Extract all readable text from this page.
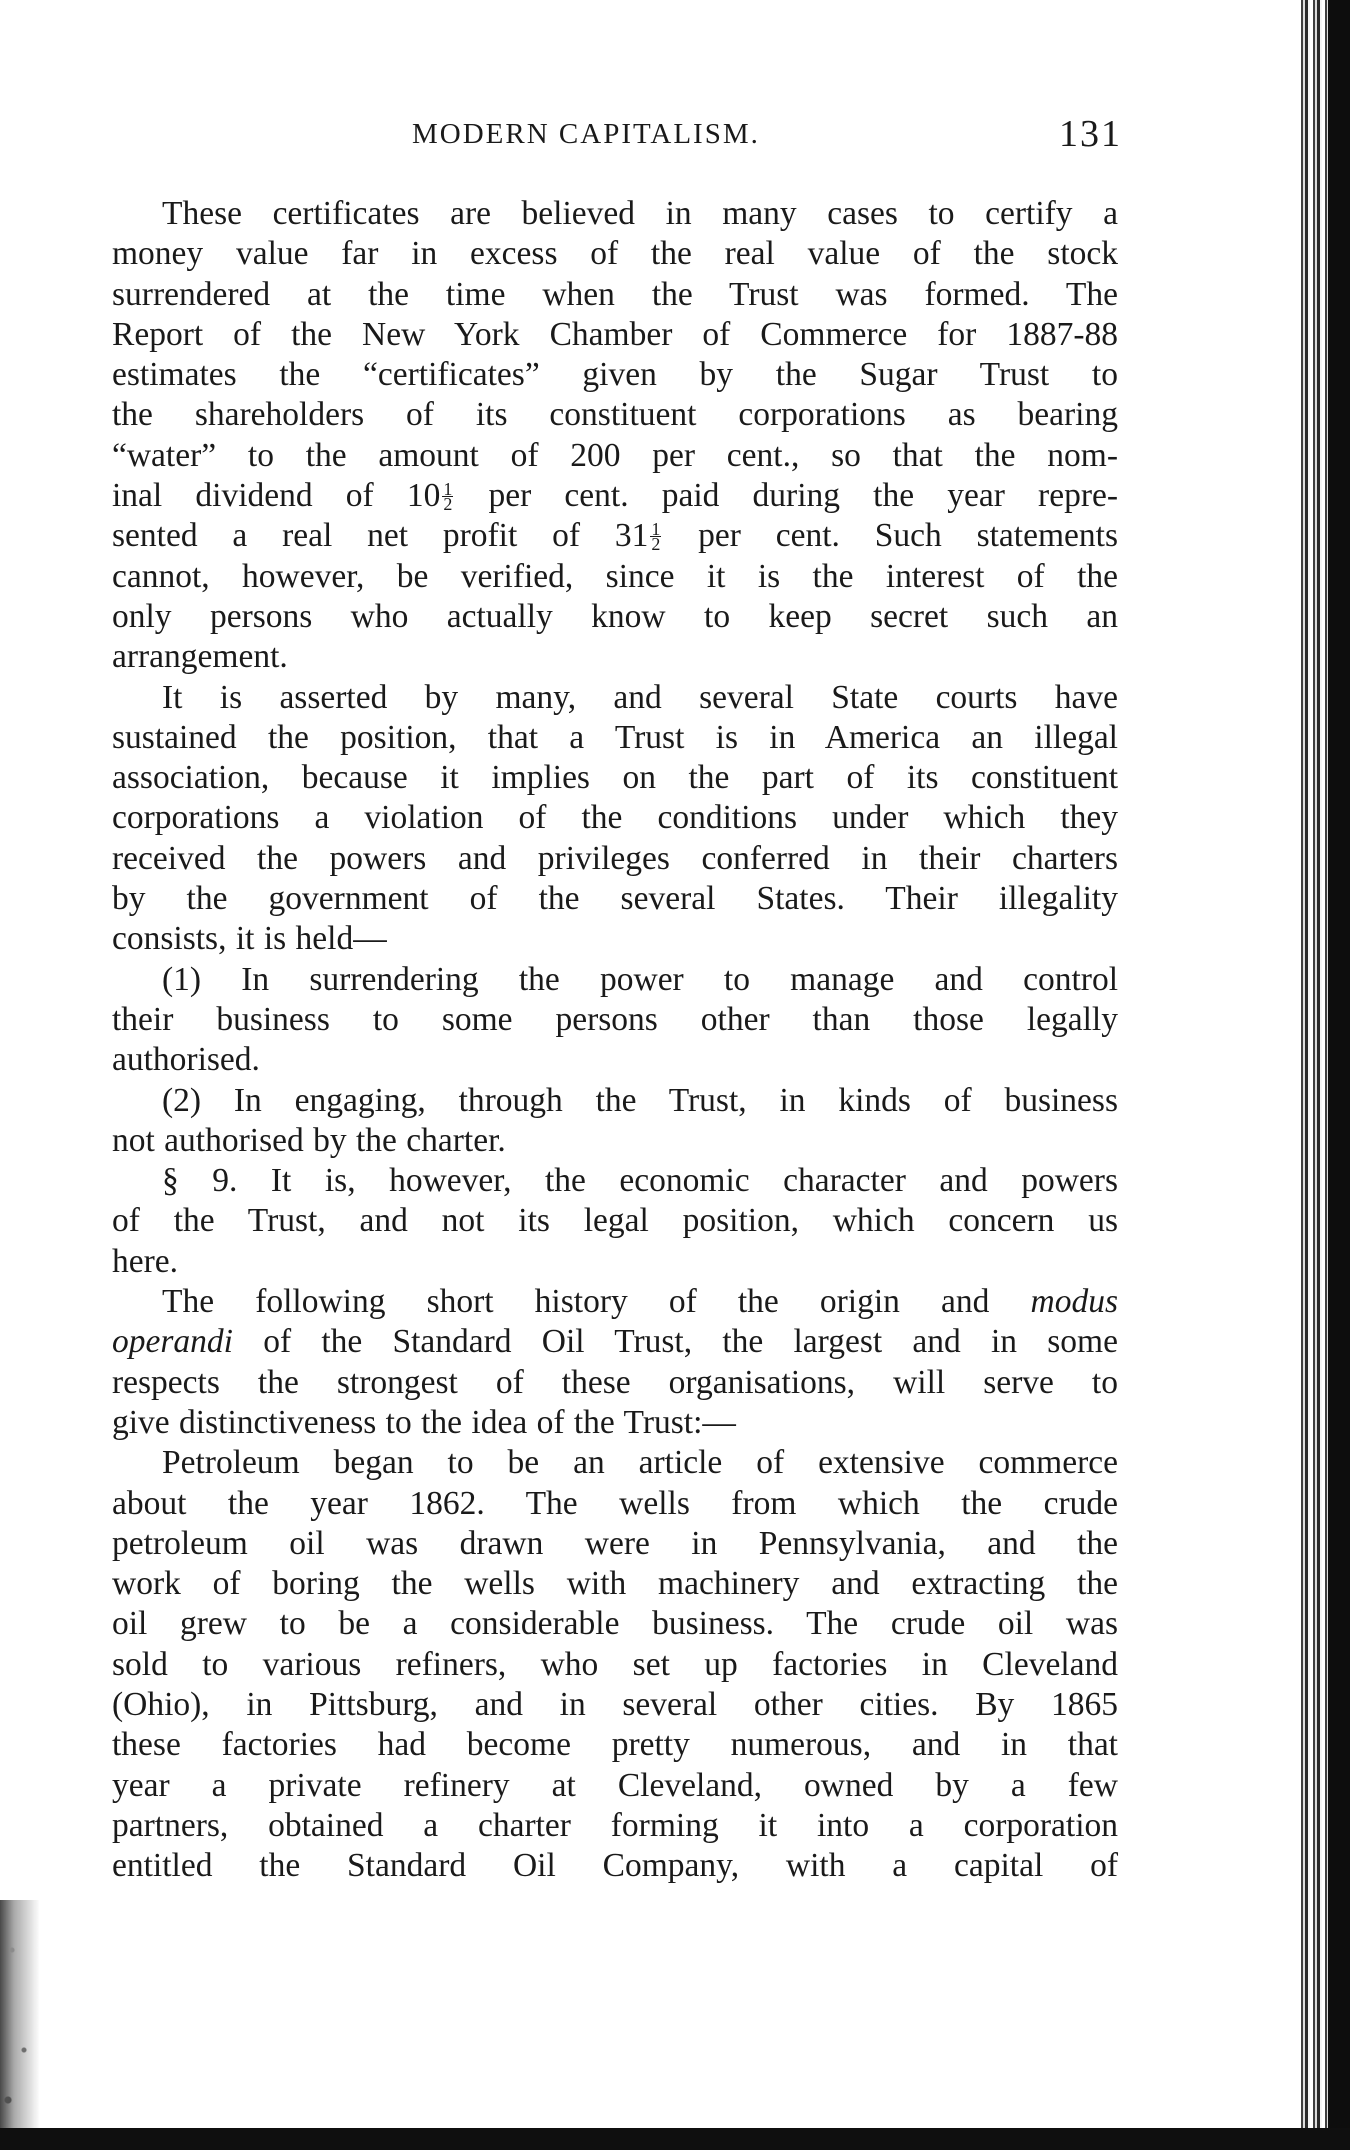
MODERN CAPITALISM.	131
These certificates are believed in many cases to certify a
money value far in excess of the real value of the stock
surrendered at the time when the Trust was formed. The
Report of the New York Chamber of Commerce for 1887-88
estimates the “certificates” given by the Sugar Trust to
the shareholders of its constituent corporations as bearing
“water” to the amount of 200 per cent., so that the nom-
inal dividend of $10 \frac{1}{2}$ per cent. paid during the year repre-
sented a real net profit of $31 \frac{1}{2}$ per cent. Such statements
cannot, however, be verified, since it is the interest of the
only persons who actually know to keep secret such an
arrangement.
It is asserted by many, and several State courts have
sustained the position, that a Trust is in America an illegal
association, because it implies on the part of its constituent
corporations a violation of the conditions under which they
received the powers and privileges conferred in their charters
by the government of the several States. Their illegality
consists, it is held—
(1) In surrendering the power to manage and control
their business to some persons other than those legally
authorised.
(2) In engaging, through the Trust, in kinds of business
not authorised by the charter.
§ 9. It is, however, the economic character and powers
of the Trust, and not its legal position, which concern us
here.
The following short history of the origin and modus
operandi of the Standard Oil Trust, the largest and in some
respects the strongest of these organisations, will serve to
give distinctiveness to the idea of the Trust:—
Petroleum began to be an article of extensive commerce
about the year 1862. The wells from which the crude
petroleum oil was drawn were in Pennsylvania, and the
work of boring the wells with machinery and extracting the
oil grew to be a considerable business. The crude oil was
sold to various refiners, who set up factories in Cleveland
(Ohio), in Pittsburg, and in several other cities. By 1865
these factories had become pretty numerous, and in that
year a private refinery at Cleveland, owned by a few
partners, obtained a charter forming it into a corporation
entitled the Standard Oil Company, with a capital of
